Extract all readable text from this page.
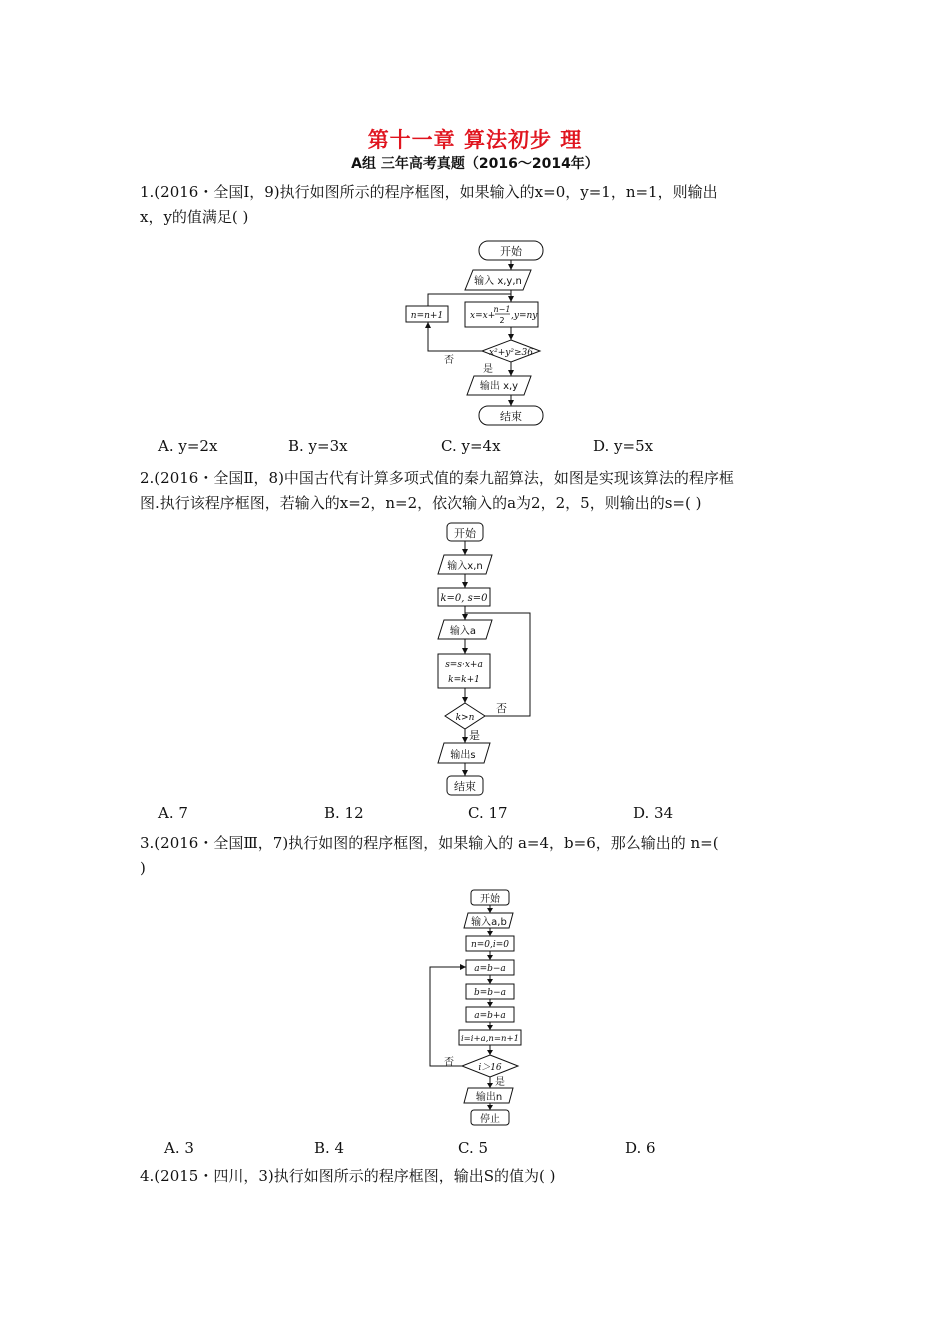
第十一章 算法初步 理
A组 三年高考真题（2016～2014年）
1.(2016・全国Ⅰ，9)执行如图所示的程序框图，如果输入的x=0，y=1，n=1，则输出
x，y的值满足( )
开始
输入 x,y,n
x=x+
n−1
2 ,y=ny
n=n+1
x²+y²≥36
否
是
输出 x,y
结束
A. y=2x	B. y=3x	C. y=4x	D. y=5x
2.(2016・全国Ⅱ，8)中国古代有计算多项式值的秦九韶算法，如图是实现该算法的程序框
图.执行该程序框图，若输入的x=2，n=2，依次输入的a为2，2，5，则输出的s=( )
开始
输入x,n
k=0, s=0
输入a
s=s·x+a
k=k+1
k>n
否
是
输出s
结束
A. 7	B. 12	C. 17	D. 34
3.(2016・全国Ⅲ，7)执行如图的程序框图，如果输入的 a=4，b=6，那么输出的 n=(
)
开始
输入a,b
n=0,i=0
a=b−a
b=b−a
a=b+a
i=i+a,n=n+1
i＞16
否
是
输出n
停止
A. 3	B. 4	C. 5	D. 6
4.(2015・四川，3)执行如图所示的程序框图，输出S的值为( )
